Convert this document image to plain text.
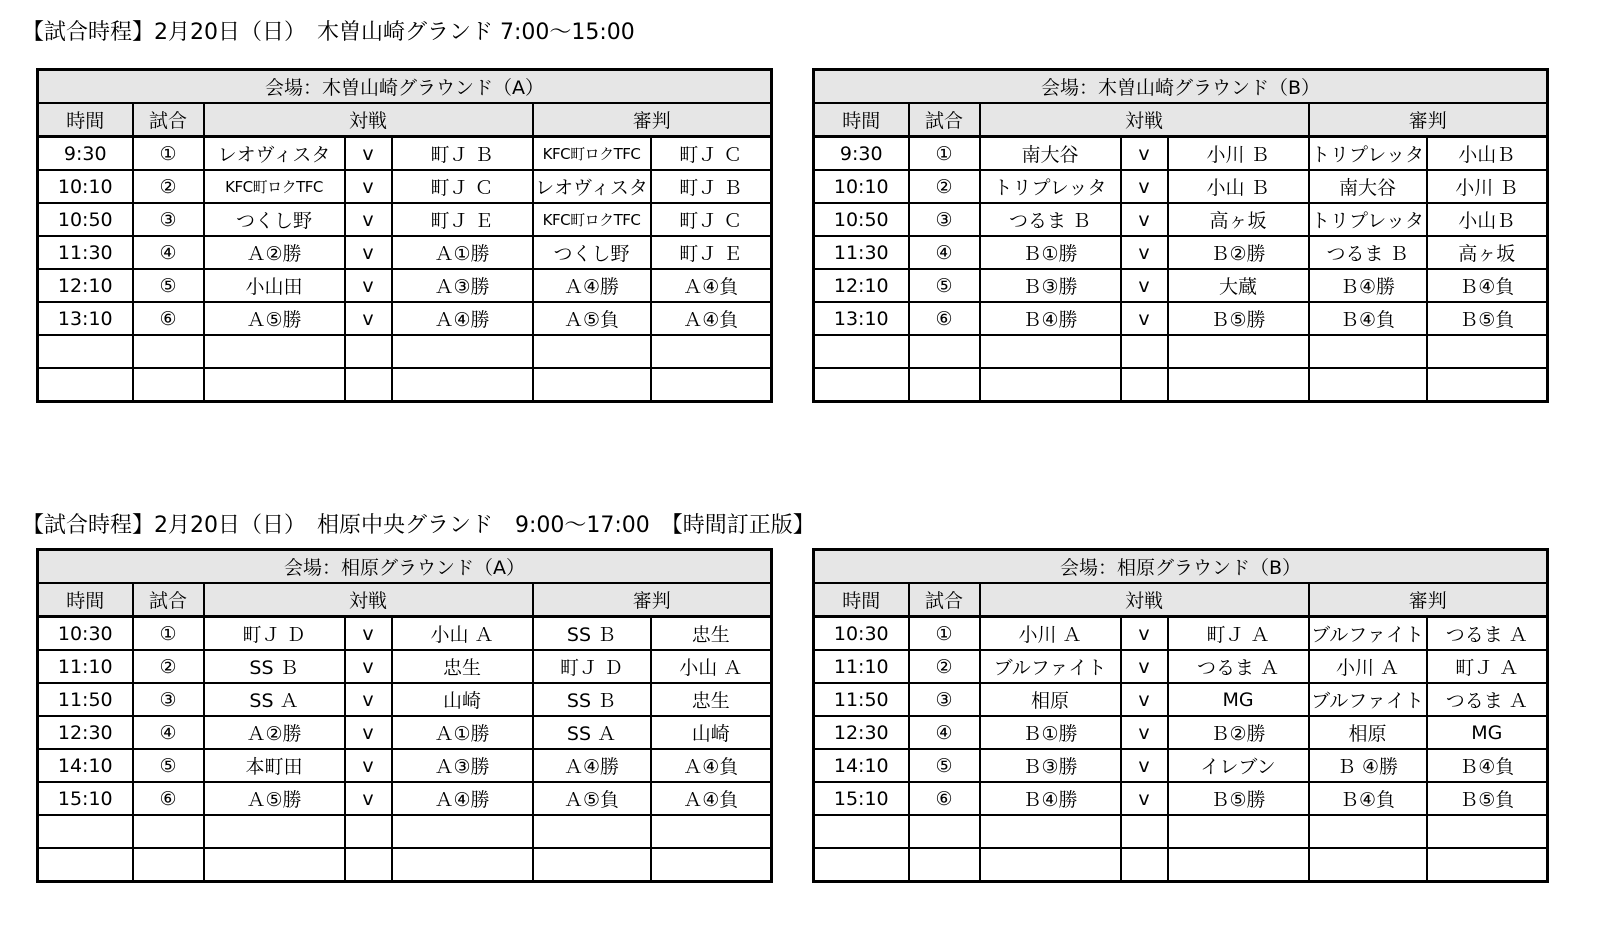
【試合時程】2月20日（日）　木曽山崎グランド 7:00〜15:00
会場：木曽山崎グラウンド（A）						
時間	試合	対戦			審判	
9:30	①	レオヴィスタ	v	町Ｊ Ｂ	KFC町ロクTFC	町Ｊ Ｃ
10:10	②	KFC町ロクTFC	v	町Ｊ Ｃ	レオヴィスタ	町Ｊ Ｂ
10:50	③	つくし野	v	町Ｊ Ｅ	KFC町ロクTFC	町Ｊ Ｃ
11:30	④	Ａ②勝	v	Ａ①勝	つくし野	町Ｊ Ｅ
12:10	⑤	小山田	v	Ａ③勝	Ａ④勝	Ａ④負
13:10	⑥	Ａ⑤勝	v	Ａ④勝	Ａ⑤負	Ａ④負

会場：木曽山崎グラウンド（B）						
時間	試合	対戦			審判	
9:30	①	南大谷	v	小川 Ｂ	トリプレッタ	小山Ｂ
10:10	②	トリプレッタ	v	小山 Ｂ	南大谷	小川 Ｂ
10:50	③	つるま Ｂ	v	高ヶ坂	トリプレッタ	小山Ｂ
11:30	④	Ｂ①勝	v	Ｂ②勝	つるま Ｂ	高ヶ坂
12:10	⑤	Ｂ③勝	v	大蔵	Ｂ④勝	Ｂ④負
13:10	⑥	Ｂ④勝	v	Ｂ⑤勝	Ｂ④負	Ｂ⑤負

【試合時程】2月20日（日）　相原中央グランド　9:00〜17:00　【時間訂正版】
会場：相原グラウンド（A）						
時間	試合	対戦			審判	
10:30	①	町Ｊ Ｄ	v	小山 Ａ	SS Ｂ	忠生
11:10	②	SS Ｂ	v	忠生	町Ｊ Ｄ	小山 Ａ
11:50	③	SS Ａ	v	山崎	SS Ｂ	忠生
12:30	④	Ａ②勝	v	Ａ①勝	SS Ａ	山崎
14:10	⑤	本町田	v	Ａ③勝	Ａ④勝	Ａ④負
15:10	⑥	Ａ⑤勝	v	Ａ④勝	Ａ⑤負	Ａ④負

会場：相原グラウンド（B）						
時間	試合	対戦			審判	
10:30	①	小川 Ａ	v	町Ｊ Ａ	ブルファイト	つるま Ａ
11:10	②	ブルファイト	v	つるま Ａ	小川 Ａ	町Ｊ Ａ
11:50	③	相原	v	MG	ブルファイト	つるま Ａ
12:30	④	Ｂ①勝	v	Ｂ②勝	相原	MG
14:10	⑤	Ｂ③勝	v	イレブン	Ｂ ④勝	Ｂ④負
15:10	⑥	Ｂ④勝	v	Ｂ⑤勝	Ｂ④負	Ｂ⑤負
